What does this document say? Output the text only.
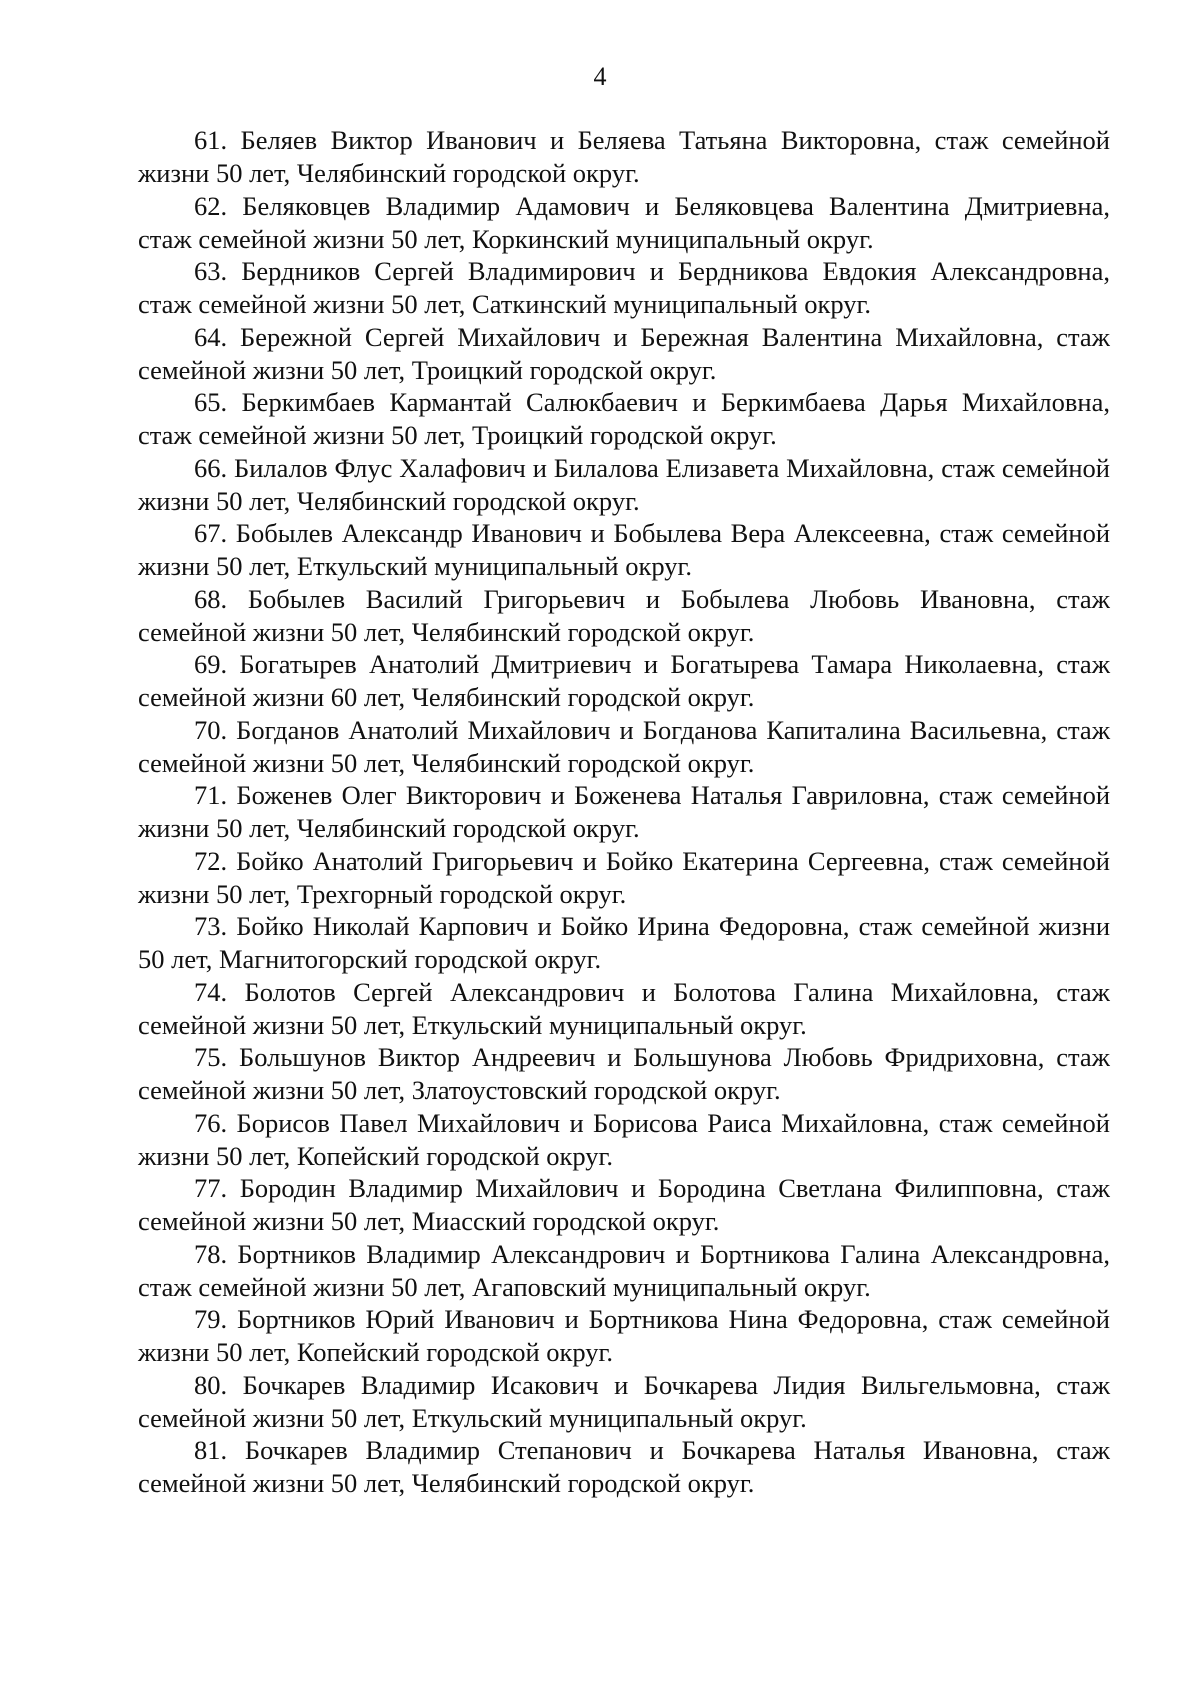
4

61. Беляев Виктор Иванович и Беляева Татьяна Викторовна, стаж семейной жизни 50 лет, Челябинский городской округ.

62. Беляковцев Владимир Адамович и Беляковцева Валентина Дмитриевна, стаж семейной жизни 50 лет, Коркинский муниципальный округ.

63. Бердников Сергей Владимирович и Бердникова Евдокия Александровна, стаж семейной жизни 50 лет, Саткинский муниципальный округ.

64. Бережной Сергей Михайлович и Бережная Валентина Михайловна, стаж семейной жизни 50 лет, Троицкий городской округ.

65. Беркимбаев Кармантай Салюкбаевич и Беркимбаева Дарья Михайловна, стаж семейной жизни 50 лет, Троицкий городской округ.

66. Билалов Флус Халафович и Билалова Елизавета Михайловна, стаж семейной жизни 50 лет, Челябинский городской округ.

67. Бобылев Александр Иванович и Бобылева Вера Алексеевна, стаж семейной жизни 50 лет, Еткульский муниципальный округ.

68. Бобылев Василий Григорьевич и Бобылева Любовь Ивановна, стаж семейной жизни 50 лет, Челябинский городской округ.

69. Богатырев Анатолий Дмитриевич и Богатырева Тамара Николаевна, стаж семейной жизни 60 лет, Челябинский городской округ.

70. Богданов Анатолий Михайлович и Богданова Капиталина Васильевна, стаж семейной жизни 50 лет, Челябинский городской округ.

71. Боженев Олег Викторович и Боженева Наталья Гавриловна, стаж семейной жизни 50 лет, Челябинский городской округ.

72. Бойко Анатолий Григорьевич и Бойко Екатерина Сергеевна, стаж семейной жизни 50 лет, Трехгорный городской округ.

73. Бойко Николай Карпович и Бойко Ирина Федоровна, стаж семейной жизни 50 лет, Магнитогорский городской округ.

74. Болотов Сергей Александрович и Болотова Галина Михайловна, стаж семейной жизни 50 лет, Еткульский муниципальный округ.

75. Большунов Виктор Андреевич и Большунова Любовь Фридриховна, стаж семейной жизни 50 лет, Златоустовский городской округ.

76. Борисов Павел Михайлович и Борисова Раиса Михайловна, стаж семейной жизни 50 лет, Копейский городской округ.

77. Бородин Владимир Михайлович и Бородина Светлана Филипповна, стаж семейной жизни 50 лет, Миасский городской округ.

78. Бортников Владимир Александрович и Бортникова Галина Александровна, стаж семейной жизни 50 лет, Агаповский муниципальный округ.

79. Бортников Юрий Иванович и Бортникова Нина Федоровна, стаж семейной жизни 50 лет, Копейский городской округ.

80. Бочкарев Владимир Исакович и Бочкарева Лидия Вильгельмовна, стаж семейной жизни 50 лет, Еткульский муниципальный округ.

81. Бочкарев Владимир Степанович и Бочкарева Наталья Ивановна, стаж семейной жизни 50 лет, Челябинский городской округ.
